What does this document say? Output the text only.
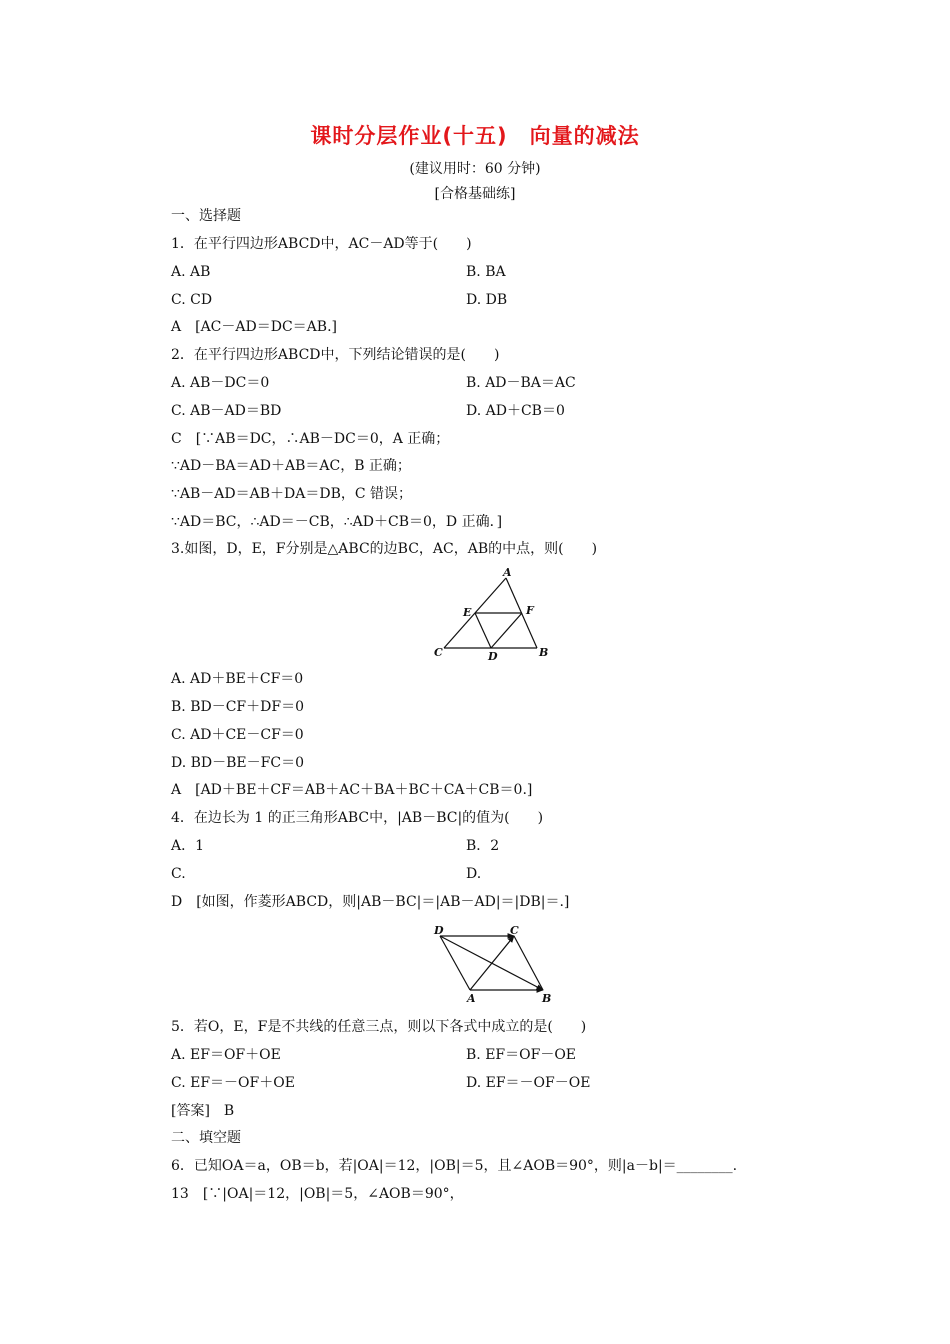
课时分层作业(十五)　向量的减法
(建议用时：60 分钟)
[合格基础练]
一、选择题
1．在平行四边形ABCD中，AC－AD等于(　　)
A. AB	B. BA
C. CD	D. DB
A　[AC－AD＝DC＝AB.]
2．在平行四边形ABCD中，下列结论错误的是(　　)
A. AB－DC＝0	B. AD－BA＝AC
C. AB－AD＝BD	D. AD＋CB＝0
C　[∵AB＝DC，∴AB－DC＝0，A 正确；
∵AD－BA＝AD＋AB＝AC，B 正确；
∵AB－AD＝AB＋DA＝DB，C 错误；
∵AD＝BC，∴AD＝－CB，∴AD＋CB＝0，D 正确．]
3.如图，D，E，F分别是△ABC的边BC，AC，AB的中点，则(　　)
A
E	F
C	D	B
A. AD＋BE＋CF＝0
B. BD－CF＋DF＝0
C. AD＋CE－CF＝0
D. BD－BE－FC＝0
A　[AD＋BE＋CF＝AB＋AC＋BA＋BC＋CA＋CB＝0.]
4．在边长为 1 的正三角形ABC中，|AB－BC|的值为(　　)
A．1	B．2
C.	D.
D　[如图，作菱形ABCD，则|AB－BC|＝|AB－AD|＝|DB|＝.]
D	C
A	B
5．若O，E，F是不共线的任意三点，则以下各式中成立的是(　　)
A. EF＝OF＋OE	B. EF＝OF－OE
C. EF＝－OF＋OE	D. EF＝－OF－OE
[答案]　B
二、填空题
6．已知OA＝a，OB＝b，若|OA|＝12，|OB|＝5，且∠AOB＝90°，则|a－b|＝________.
13　[∵|OA|＝12，|OB|＝5，∠AOB＝90°，
